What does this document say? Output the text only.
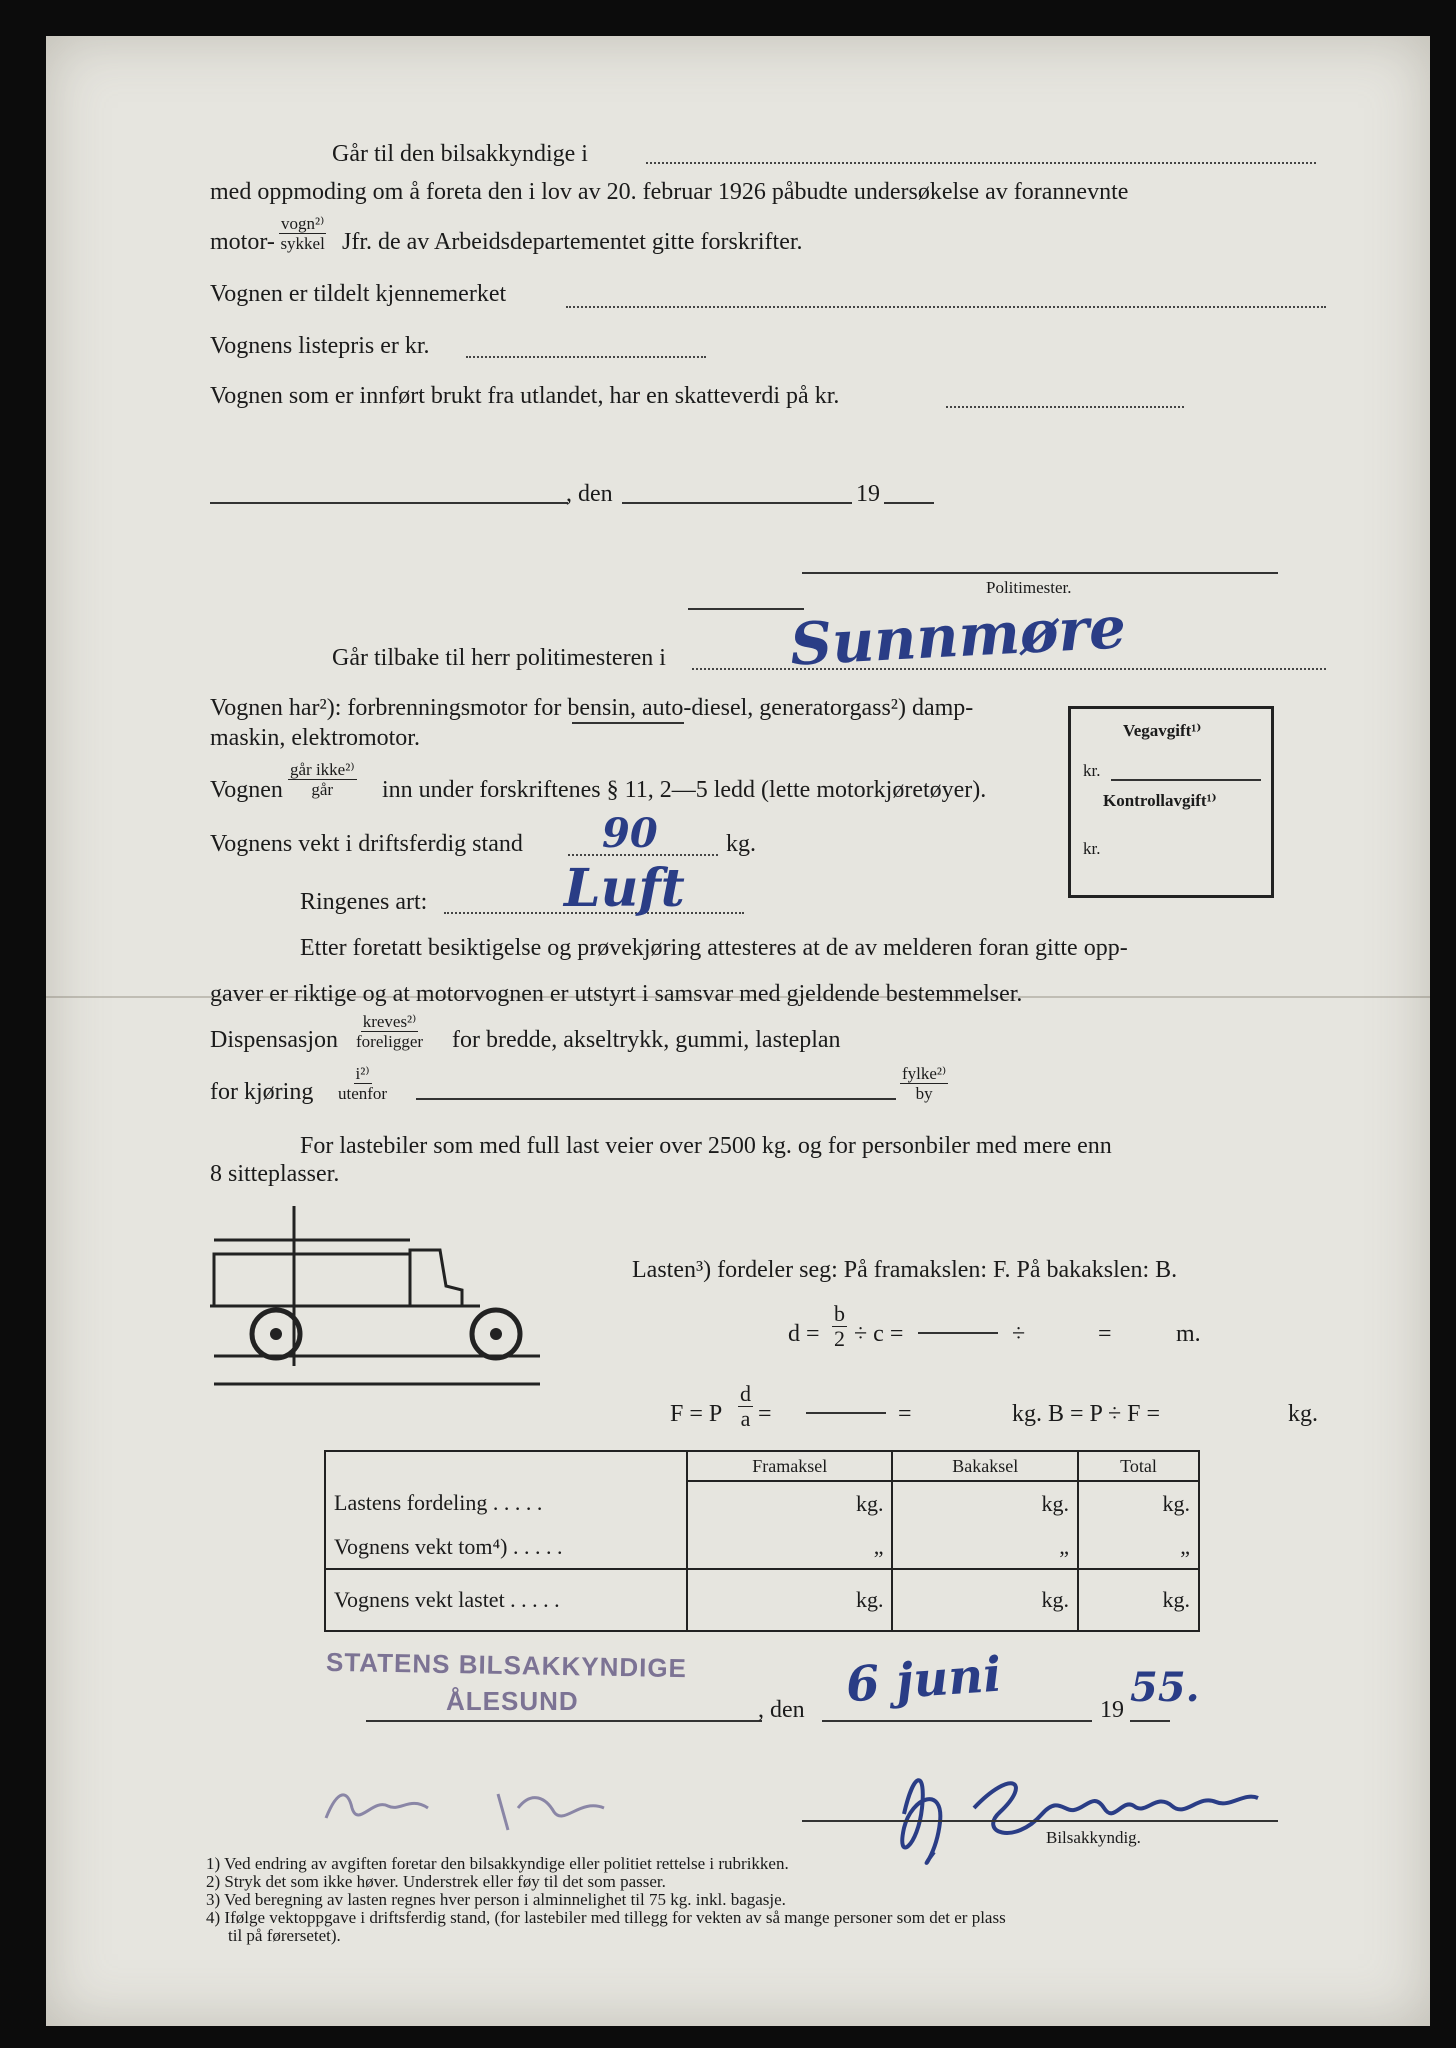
Går til den bilsakkyndige i
med oppmoding om å foreta den i lov av 20. februar 1926 påbudte undersøkelse av forannevnte
motor-
vogn²⁾
sykkel Jfr. de av Arbeidsdepartementet gitte forskrifter.
Vognen er tildelt kjennemerket
Vognens listepris er kr.
Vognen som er innført brukt fra utlandet, har en skatteverdi på kr.
, den	19
Politimester.
Går tilbake til herr politimesteren i Sunnmøre
Vognen har²): forbrenningsmotor for bensin, auto-diesel, generatorgass²) damp-
maskin, elektromotor.
Vognen
går ikke²⁾
går inn under forskriftenes § 11, 2—5 ledd (lette motorkjøretøyer).
Vognens vekt i driftsferdig stand 90	kg.
Ringenes art:	Luft
Etter foretatt besiktigelse og prøvekjøring attesteres at de av melderen foran gitte opp-
gaver er riktige og at motorvognen er utstyrt i samsvar med gjeldende bestemmelser.
Dispensasjon
kreves²⁾
foreligger for bredde, akseltrykk, gummi, lasteplan
for kjøring
i²⁾
utenfor
fylke²⁾
by
Vegavgift¹⁾
kr.
Kontrollavgift¹⁾
kr.
For lastebiler som med full last veier over 2500 kg. og for personbiler med mere enn
8 sitteplasser.
Lasten³) fordeler seg: På framakslen: F. På bakakslen: B.
$d = \frac{b}{2} \div c$ =	÷	=	m.
F = P $\frac{d}{a}$ =	=	kg. B = P ÷ F =	kg.
	Framaksel	Bakaksel	Total
Lastens fordeling . . . . .	kg.	kg.	kg.
Vognens vekt tom⁴) . . . . .	„	„	„
Vognens vekt lastet . . . . .	kg.	kg.	kg.
STATENS BILSAKKYNDIGE
ÅLESUND	, den 6 juni	19 55.
Bilsakkyndig.
1) Ved endring av avgiften foretar den bilsakkyndige eller politiet rettelse i rubrikken.
2) Stryk det som ikke høver. Understrek eller føy til det som passer.
3) Ved beregning av lasten regnes hver person i alminnelighet til 75 kg. inkl. bagasje.
4) Ifølge vektoppgave i driftsferdig stand, (for lastebiler med tillegg for vekten av så mange personer som det er plass
til på førersetet).
